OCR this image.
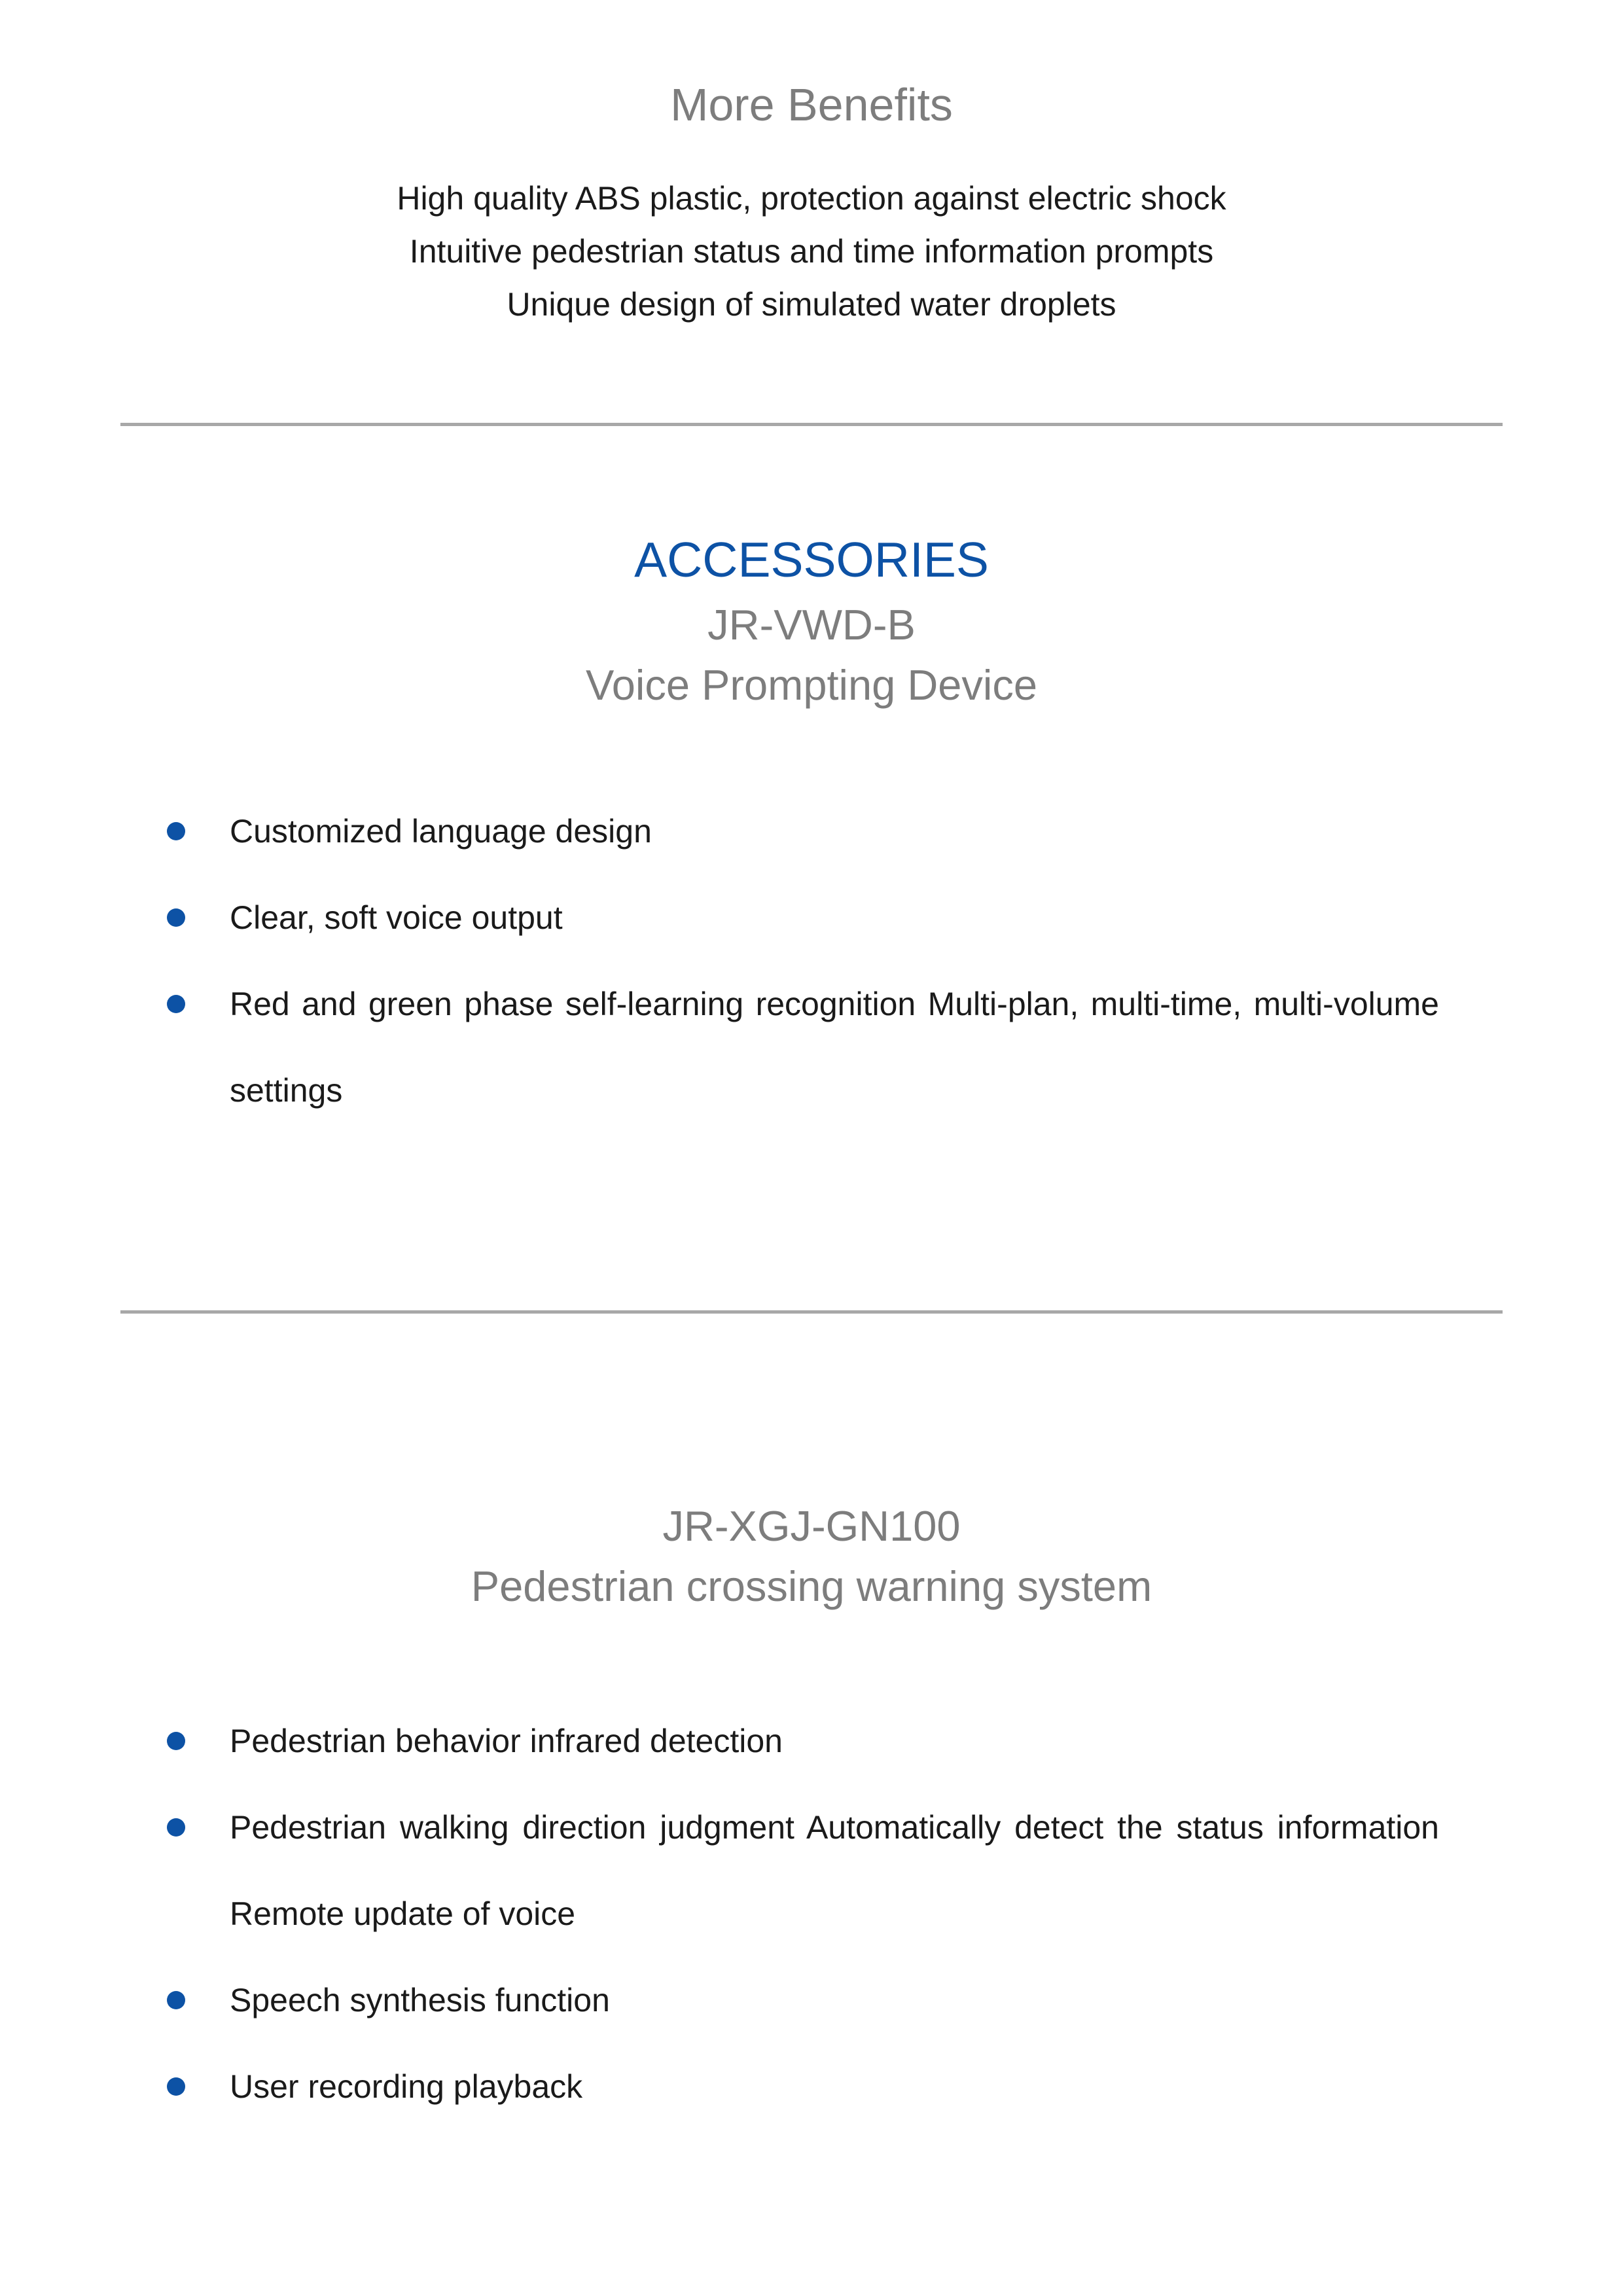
More Benefits
High quality ABS plastic, protection against electric shock
Intuitive pedestrian status and time information prompts
Unique design of simulated water droplets
ACCESSORIES
JR-VWD-B
Voice Prompting Device
Customized language design
Clear, soft voice output
Red and green phase self-learning recognition Multi-plan, multi-time, multi-volume settings
JR-XGJ-GN100
Pedestrian crossing warning system
Pedestrian behavior infrared detection
Pedestrian walking direction judgment Automatically detect the status information Remote update of voice
Speech synthesis function
User recording playback
